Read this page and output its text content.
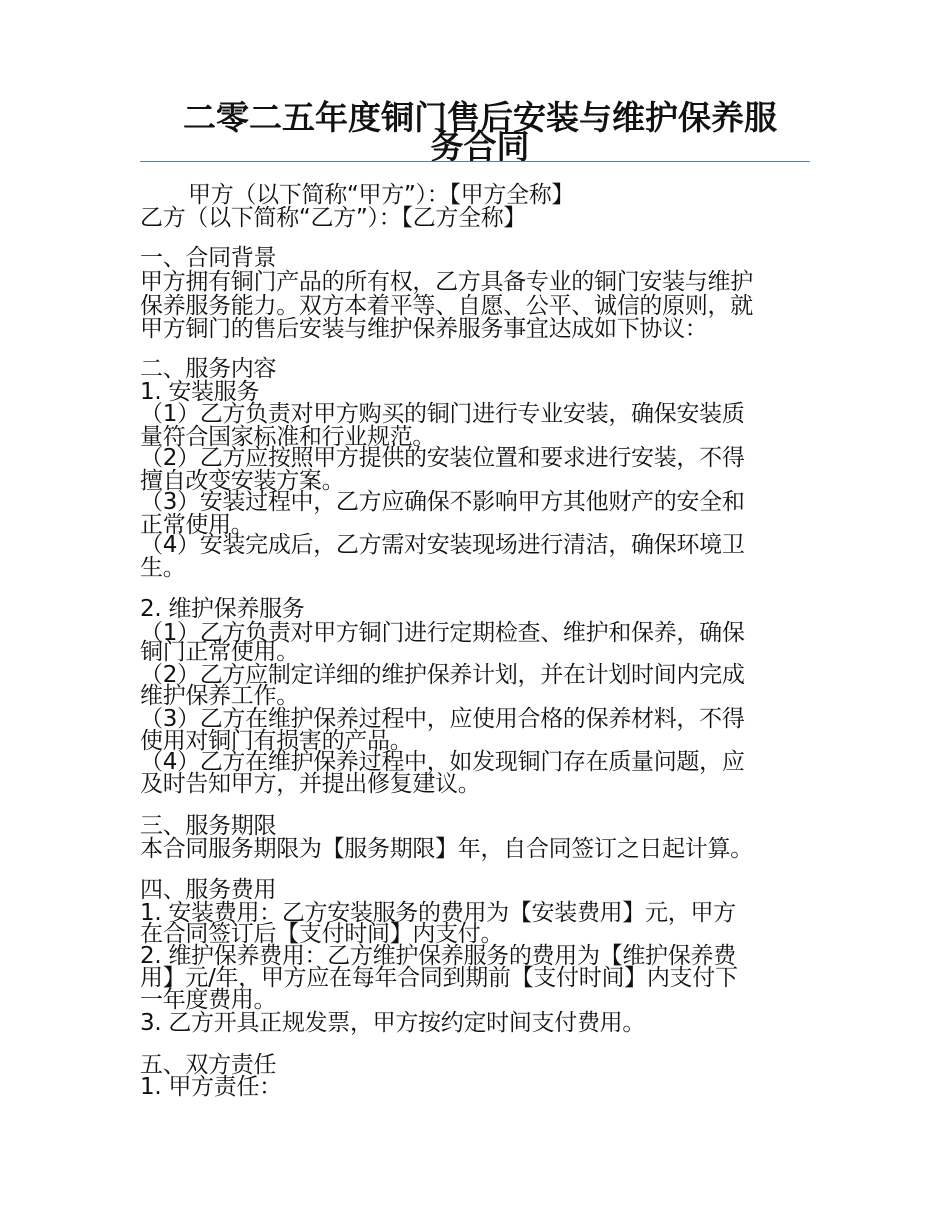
二零二五年度铜门售后安装与维护保养服
务合同

甲方（以下简称“甲方”）：【甲方全称】

乙方（以下简称“乙方”）：【乙方全称】

一、合同背景

甲方拥有铜门产品的所有权，乙方具备专业的铜门安装与维护

保养服务能力。双方本着平等、自愿、公平、诚信的原则，就

甲方铜门的售后安装与维护保养服务事宜达成如下协议：

二、服务内容

1. 安装服务

（1）乙方负责对甲方购买的铜门进行专业安装，确保安装质

量符合国家标准和行业规范。

（2）乙方应按照甲方提供的安装位置和要求进行安装，不得

擅自改变安装方案。

（3）安装过程中，乙方应确保不影响甲方其他财产的安全和

正常使用。

（4）安装完成后，乙方需对安装现场进行清洁，确保环境卫

生。

2. 维护保养服务

（1）乙方负责对甲方铜门进行定期检查、维护和保养，确保

铜门正常使用。

（2）乙方应制定详细的维护保养计划，并在计划时间内完成

维护保养工作。

（3）乙方在维护保养过程中，应使用合格的保养材料，不得

使用对铜门有损害的产品。

（4）乙方在维护保养过程中，如发现铜门存在质量问题，应

及时告知甲方，并提出修复建议。

三、服务期限

本合同服务期限为【服务期限】年，自合同签订之日起计算。

四、服务费用

1. 安装费用：乙方安装服务的费用为【安装费用】元，甲方

在合同签订后【支付时间】内支付。

2. 维护保养费用：乙方维护保养服务的费用为【维护保养费

用】元/年，甲方应在每年合同到期前【支付时间】内支付下

一年度费用。

3. 乙方开具正规发票，甲方按约定时间支付费用。

五、双方责任

1. 甲方责任：
